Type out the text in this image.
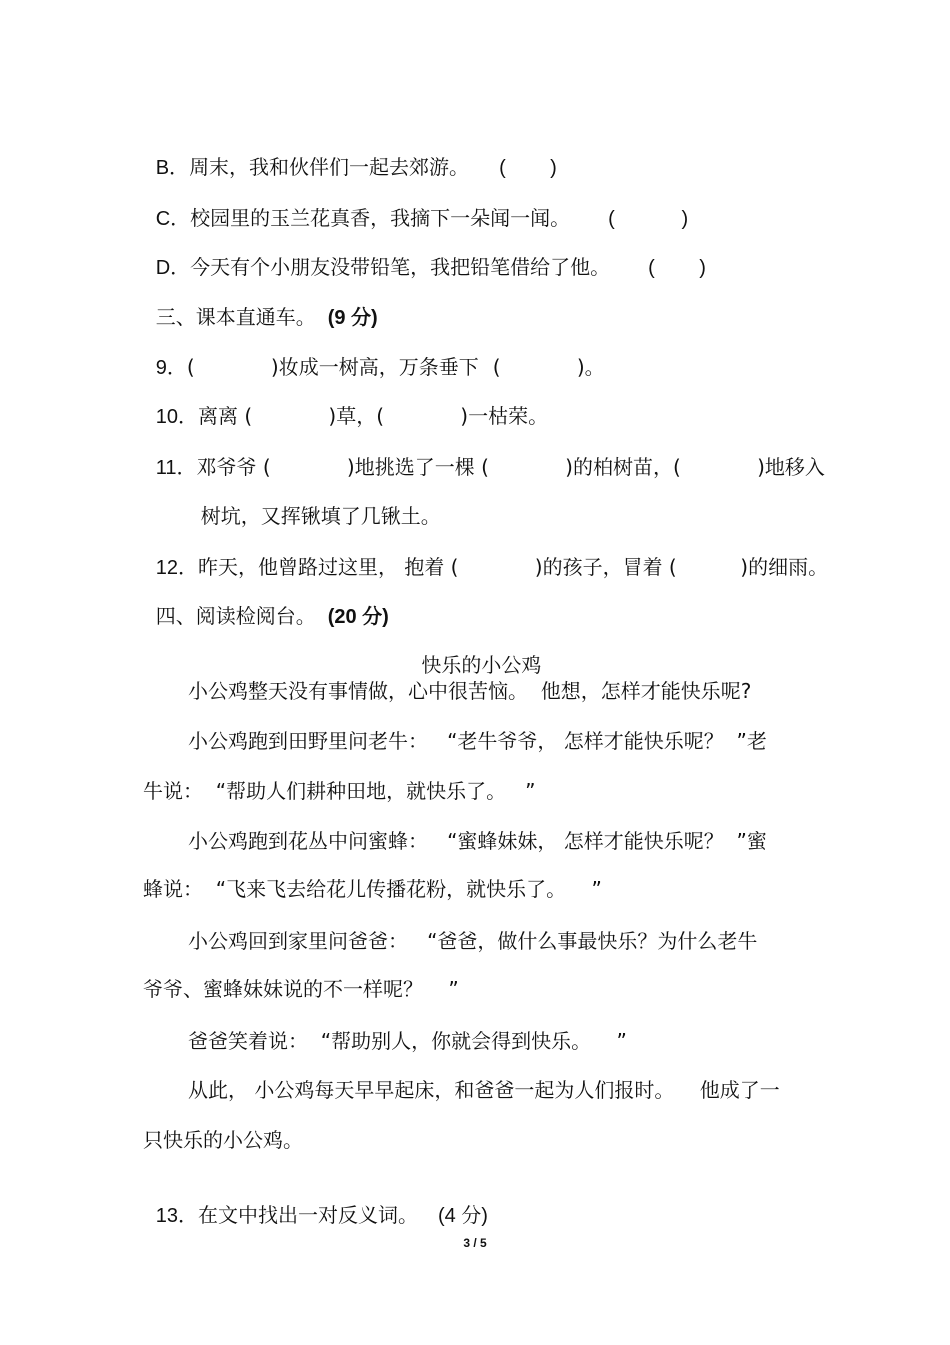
B．周末，我和伙伴们一起去郊游。 (        )

C．校园里的玉兰花真香，我摘下一朵闻一闻。 (            )

D．今天有个小朋友没带铅笔，我把铅笔借给了他。 (        )

三、课本直通车。 (9 分)

9．(            )妆成一树高，万条垂下 (            )。

10．离离 (            )草，(            )一枯荣。

11．邓爷爷 (            )地挑选了一棵 (            )的柏树苗，(            )地移入

树坑，又挥锹填了几锹土。

12．昨天，他曾路过这里， 抱着 (            )的孩子，冒着 (          )的细雨。

四、阅读检阅台。 (20 分)

快乐的小公鸡

小公鸡整天没有事情做，心中很苦恼。  他想，怎样才能快乐呢?
小公鸡跑到田野里问老牛：   “老牛爷爷， 怎样才能快乐呢？  ”老
牛说：  “帮助人们耕种田地，就快乐了。   ”
小公鸡跑到花丛中问蜜蜂：   “蜜蜂妹妹， 怎样才能快乐呢？  ”蜜
蜂说：  “飞来飞去给花儿传播花粉，就快乐了。    ”
小公鸡回到家里问爸爸：   “爸爸，做什么事最快乐？为什么老牛
爷爷、蜜蜂妹妹说的不一样呢？    ”
爸爸笑着说：  “帮助别人，你就会得到快乐。    ”
从此， 小公鸡每天早早起床，和爸爸一起为人们报时。    他成了一
只快乐的小公鸡。

13．在文中找出一对反义词。 (4 分)

3 / 5
